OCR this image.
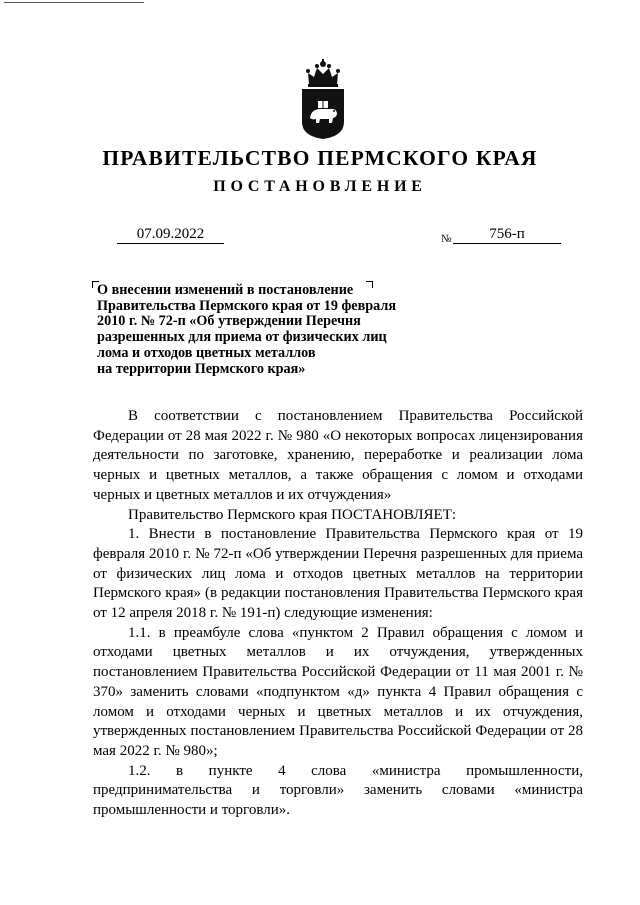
ПРАВИТЕЛЬСТВО ПЕРМСКОГО КРАЯ
ПОСТАНОВЛЕНИЕ
07.09.2022	№	756-п
О внесении изменений в постановление
Правительства Пермского края от 19 февраля
2010 г. № 72-п «Об утверждении Перечня
разрешенных для приема от физических лиц
лома и отходов цветных металлов
на территории Пермского края»

В соответствии с постановлением Правительства Российской Федерации от 28 мая 2022 г. № 980 «О некоторых вопросах лицензирования деятельности по заготовке, хранению, переработке и реализации лома черных и цветных металлов, а также обращения с ломом и отходами черных и цветных металлов и их отчуждения»

Правительство Пермского края ПОСТАНОВЛЯЕТ:

1. Внести в постановление Правительства Пермского края от 19 февраля 2010 г. № 72-п «Об утверждении Перечня разрешенных для приема от физических лиц лома и отходов цветных металлов на территории Пермского края» (в редакции постановления Правительства Пермского края от 12 апреля 2018 г. № 191-п) следующие изменения:

1.1. в преамбуле слова «пунктом 2 Правил обращения с ломом и отходами цветных металлов и их отчуждения, утвержденных постановлением Правительства Российской Федерации от 11 мая 2001 г. № 370» заменить словами «подпунктом «д» пункта 4 Правил обращения с ломом и отходами черных и цветных металлов и их отчуждения, утвержденных постановлением Правительства Российской Федерации от 28 мая 2022 г. № 980»;

1.2. в пункте 4 слова «министра промышленности, предпринимательства и торговли» заменить словами «министра промышленности и торговли».
